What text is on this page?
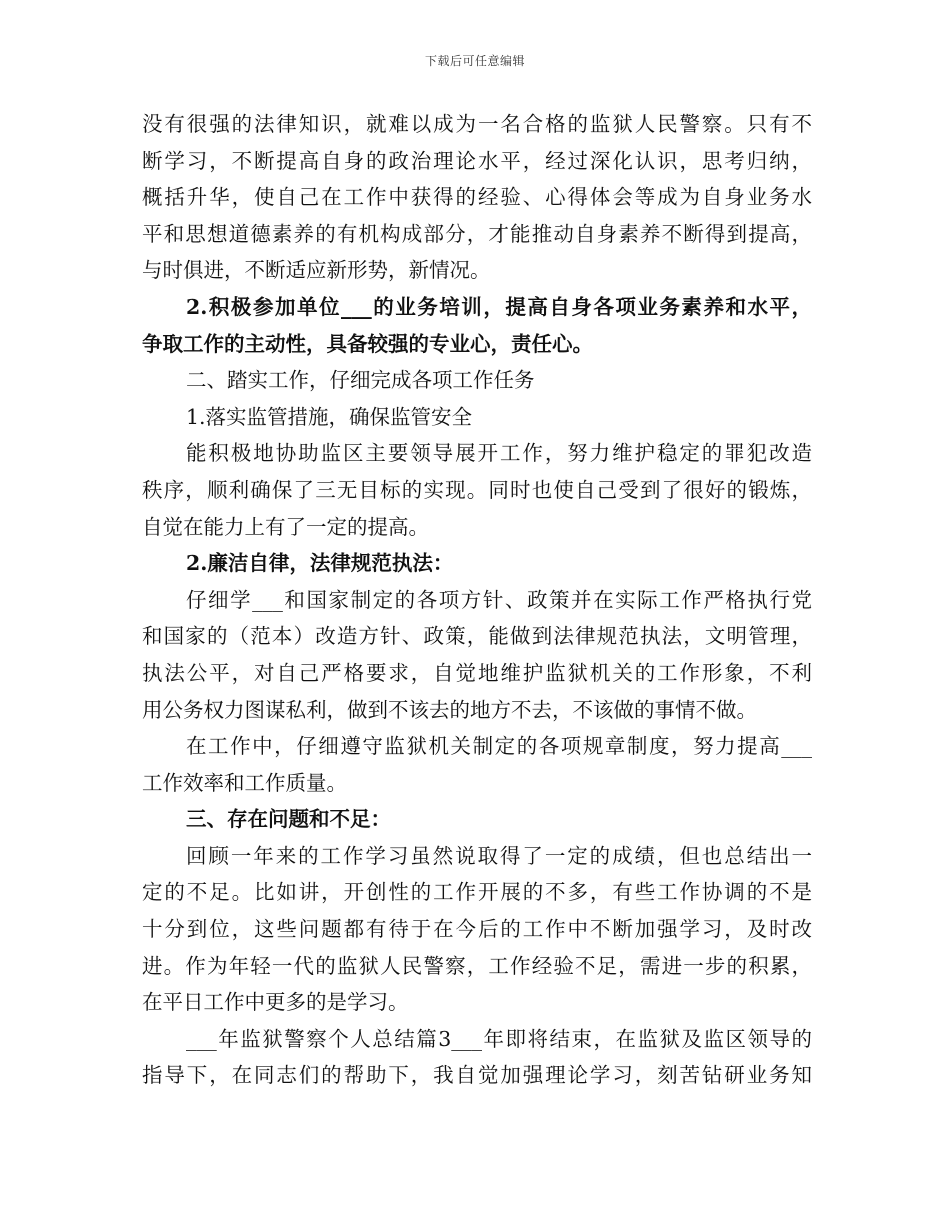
下载后可任意编辑
没有很强的法律知识，就难以成为一名合格的监狱人民警察。只有不
断学习，不断提高自身的政治理论水平，经过深化认识，思考归纳，
概括升华，使自己在工作中获得的经验、心得体会等成为自身业务水
平和思想道德素养的有机构成部分，才能推动自身素养不断得到提高，
与时俱进，不断适应新形势，新情况。
2.积极参加单位___的业务培训，提高自身各项业务素养和水平，
争取工作的主动性，具备较强的专业心，责任心。
二、踏实工作，仔细完成各项工作任务
1.落实监管措施，确保监管安全
能积极地协助监区主要领导展开工作，努力维护稳定的罪犯改造
秩序，顺利确保了三无目标的实现。同时也使自己受到了很好的锻炼，
自觉在能力上有了一定的提高。
2.廉洁自律，法律规范执法：
仔细学___和国家制定的各项方针、政策并在实际工作严格执行党
和国家的（范本）改造方针、政策，能做到法律规范执法，文明管理，
执法公平，对自己严格要求，自觉地维护监狱机关的工作形象，不利
用公务权力图谋私利，做到不该去的地方不去，不该做的事情不做。
在工作中，仔细遵守监狱机关制定的各项规章制度，努力提高___
工作效率和工作质量。
三、存在问题和不足：
回顾一年来的工作学习虽然说取得了一定的成绩，但也总结出一
定的不足。比如讲，开创性的工作开展的不多，有些工作协调的不是
十分到位，这些问题都有待于在今后的工作中不断加强学习，及时改
进。作为年轻一代的监狱人民警察，工作经验不足，需进一步的积累，
在平日工作中更多的是学习。
___年监狱警察个人总结篇3___年即将结束，在监狱及监区领导的
指导下，在同志们的帮助下，我自觉加强理论学习，刻苦钻研业务知
